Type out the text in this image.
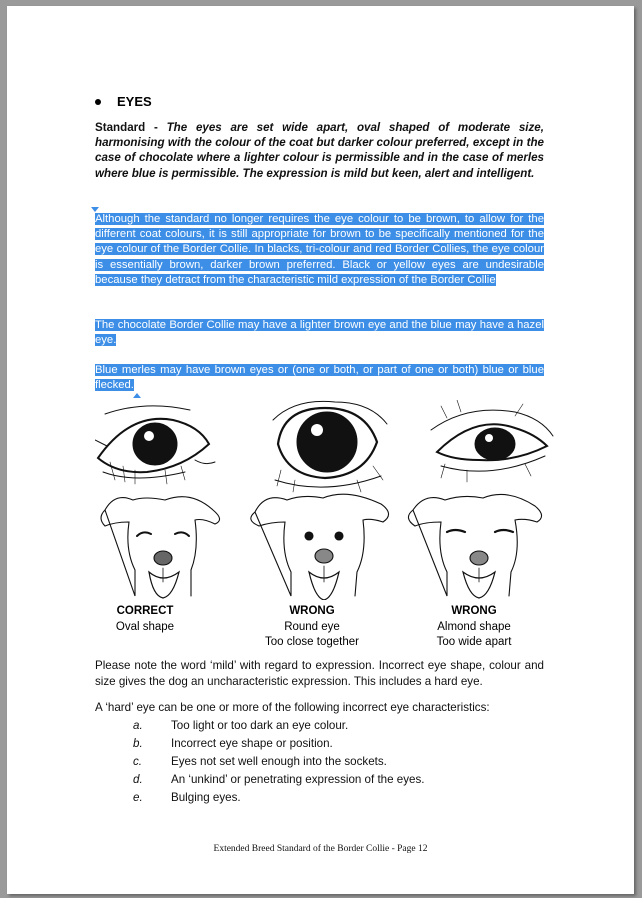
EYES
Standard - The eyes are set wide apart, oval shaped of moderate size, harmonising with the colour of the coat but darker colour preferred, except in the case of chocolate where a lighter colour is permissible and in the case of merles where blue is permissible. The expression is mild but keen, alert and intelligent.
Although the standard no longer requires the eye colour to be brown, to allow for the different coat colours, it is still appropriate for brown to be specifically mentioned for the eye colour of the Border Collie. In blacks, tri-colour and red Border Collies, the eye colour is essentially brown, darker brown preferred. Black or yellow eyes are undesirable because they detract from the characteristic mild expression of the Border Collie
The chocolate Border Collie may have a lighter brown eye and the blue may have a hazel eye.
Blue merles may have brown eyes or (one or both, or part of one or both) blue or blue flecked.
CORRECT
Oval shape
WRONG
Round eye
Too close together
WRONG
Almond shape
Too wide apart
Please note the word ‘mild’ with regard to expression. Incorrect eye shape, colour and size gives the dog an uncharacteristic expression. This includes a hard eye.
A ‘hard’ eye can be one or more of the following incorrect eye characteristics:
a.	Too light or too dark an eye colour.
b.	Incorrect eye shape or position.
c.	Eyes not set well enough into the sockets.
d.	An ‘unkind’ or penetrating expression of the eyes.
e.	Bulging eyes.
Extended Breed Standard of the Border Collie - Page 12
